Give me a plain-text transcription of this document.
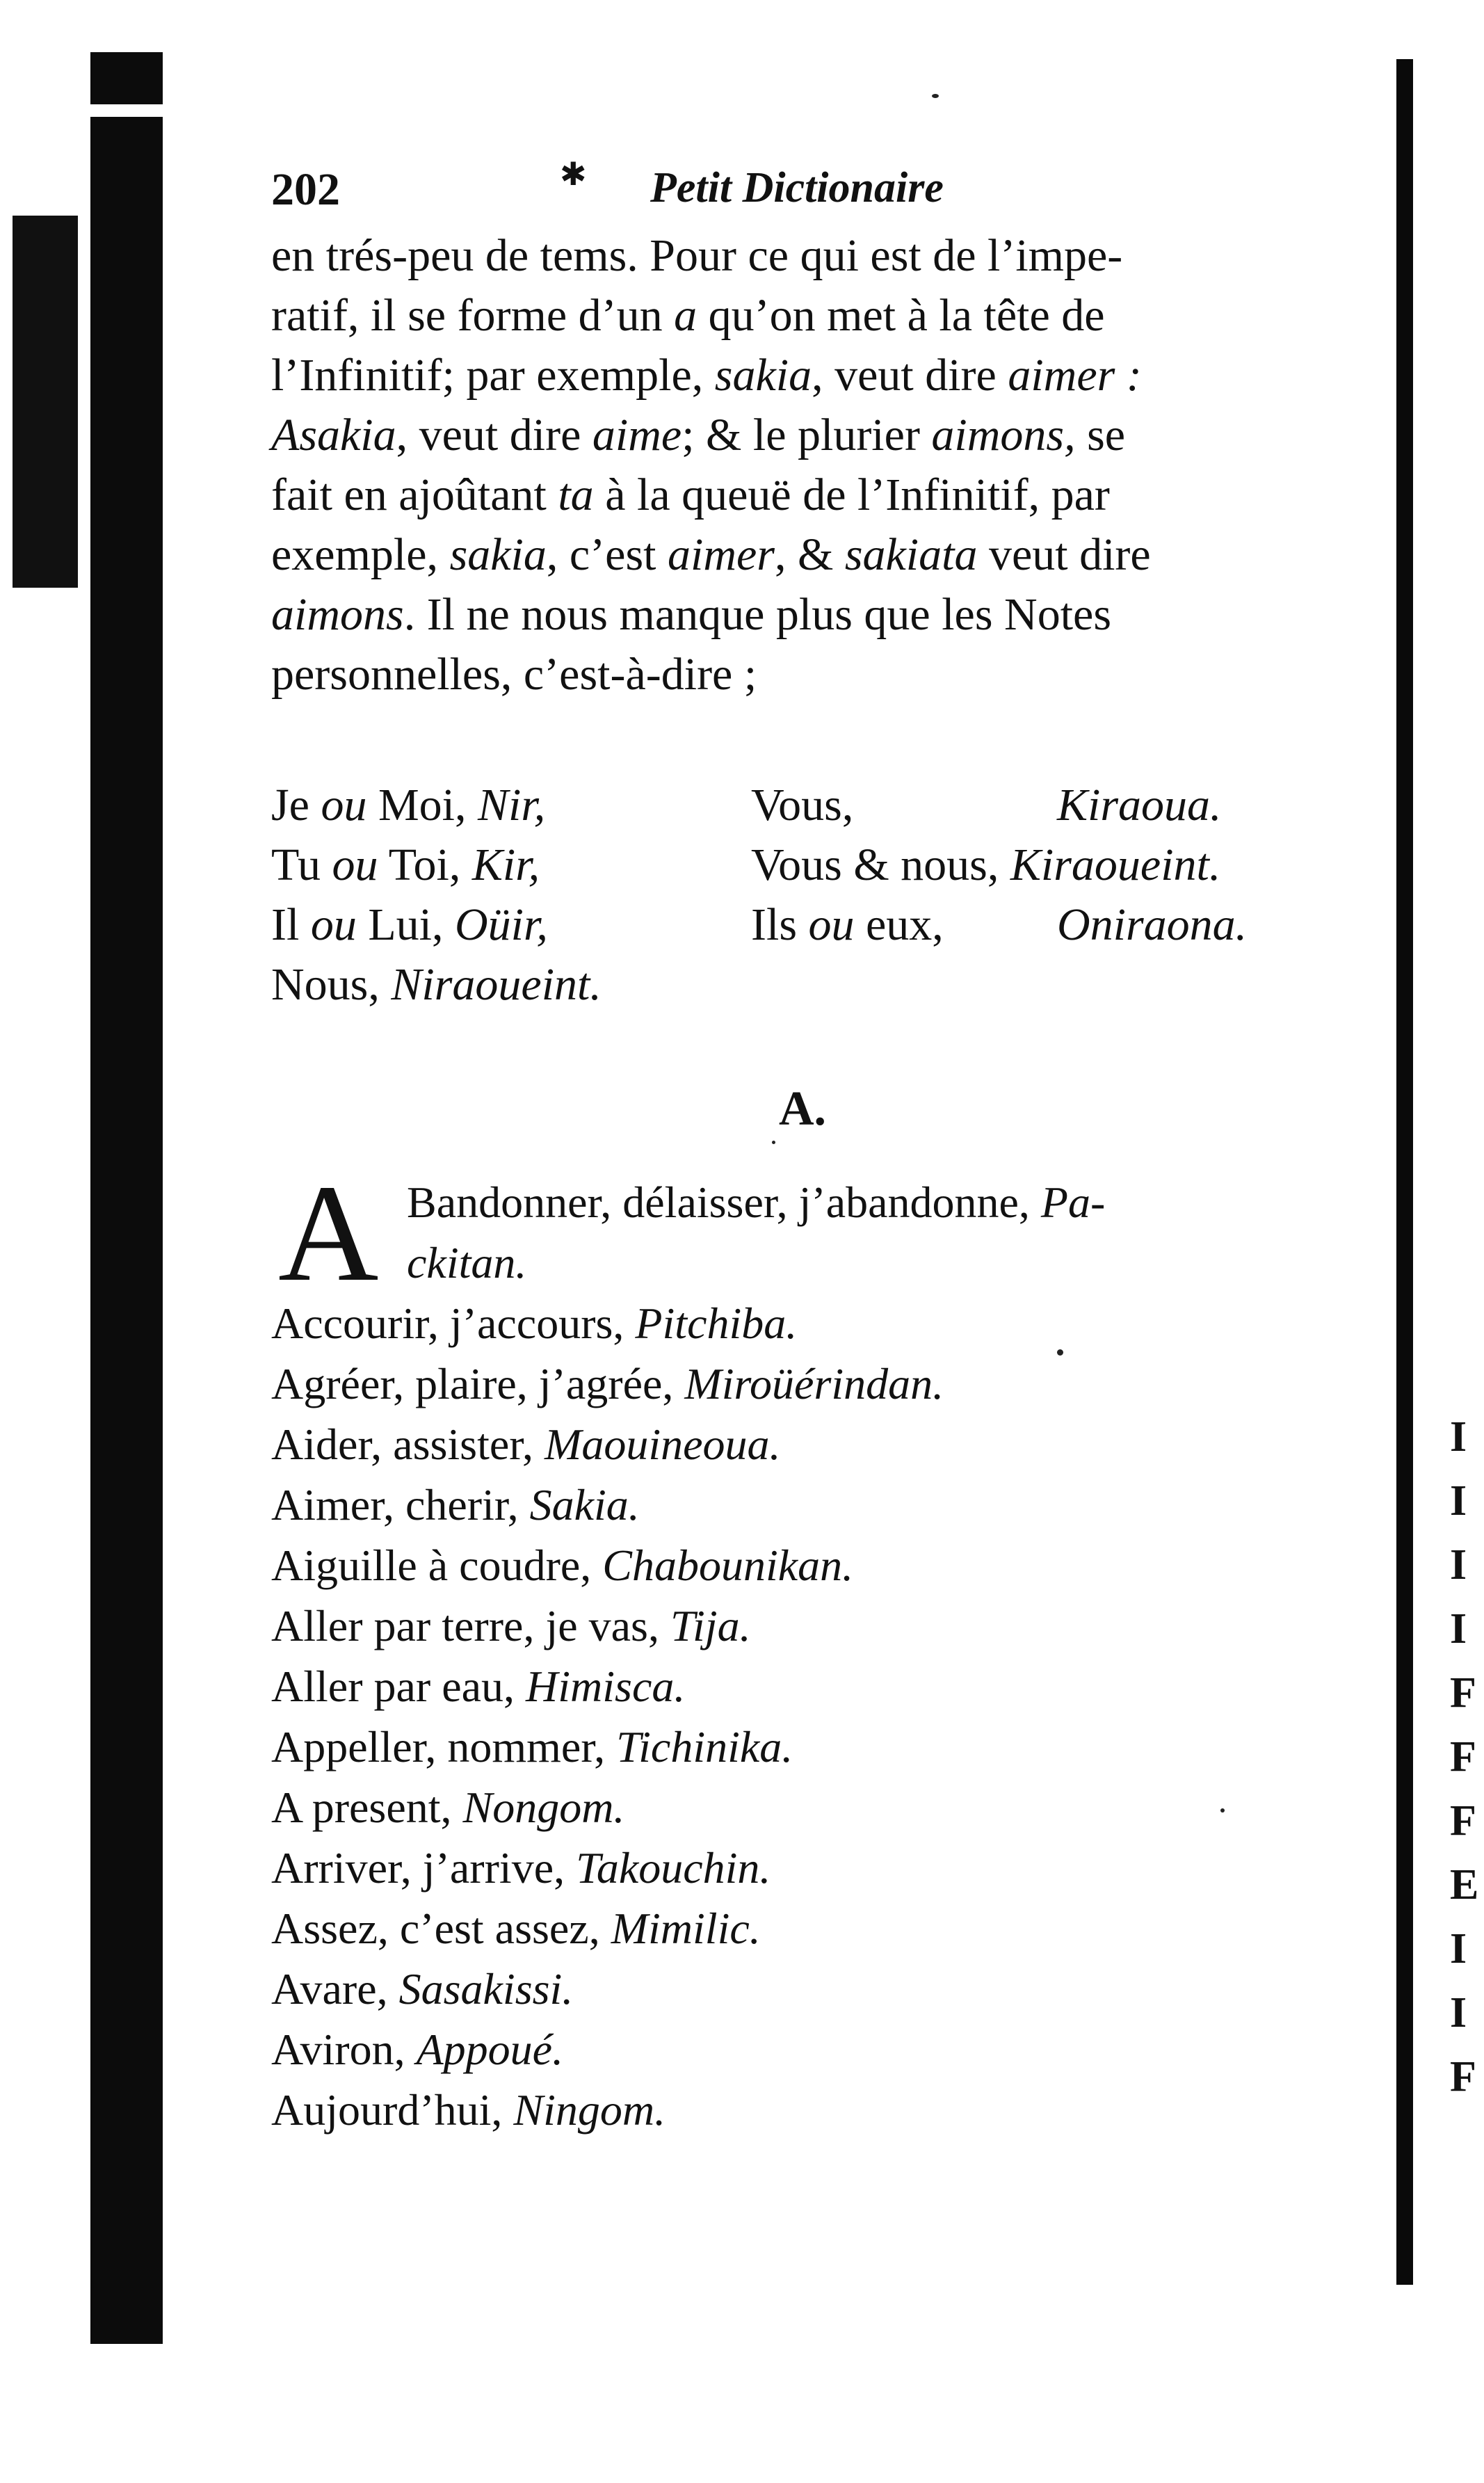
202	✱ Petit Dictionaire
en trés-peu de tems. Pour ce qui est de l’impe-
ratif, il se forme d’un a qu’on met à la tête de
l’Infinitif; par exemple, sakia, veut dire aimer :
Asakia, veut dire aime; & le plurier aimons, se
fait en ajoûtant ta à la queuë de l’Infinitif, par
exemple, sakia, c’est aimer, & sakiata veut dire
aimons. Il ne nous manque plus que les Notes
personnelles, c’est-à-dire ;
Je ou Moi, Nir,	Vous,	Kiraoua.
Tu ou Toi, Kir,	Vous & nous, Kiraoueint.
Il ou Lui, Oüir,	Ils ou eux, Oniraona.
Nous, Niraoueint.
A.
A Bandonner, délaisser, j’abandonne, Pa-
ckitan.
Accourir, j’accours, Pitchiba.
Agréer, plaire, j’agrée, Miroüérindan.
Aider, assister, Maouineoua.
Aimer, cherir, Sakia.
Aiguille à coudre, Chabounikan.
Aller par terre, je vas, Tija.
Aller par eau, Himisca.
Appeller, nommer, Tichinika.
A present, Nongom.
Arriver, j’arrive, Takouchin.
Assez, c’est assez, Mimilic.
Avare, Sasakissi.
Aviron, Appoué.
Aujourd’hui, Ningom.
I
I
I
I
F
F
F
E
I
I
F
